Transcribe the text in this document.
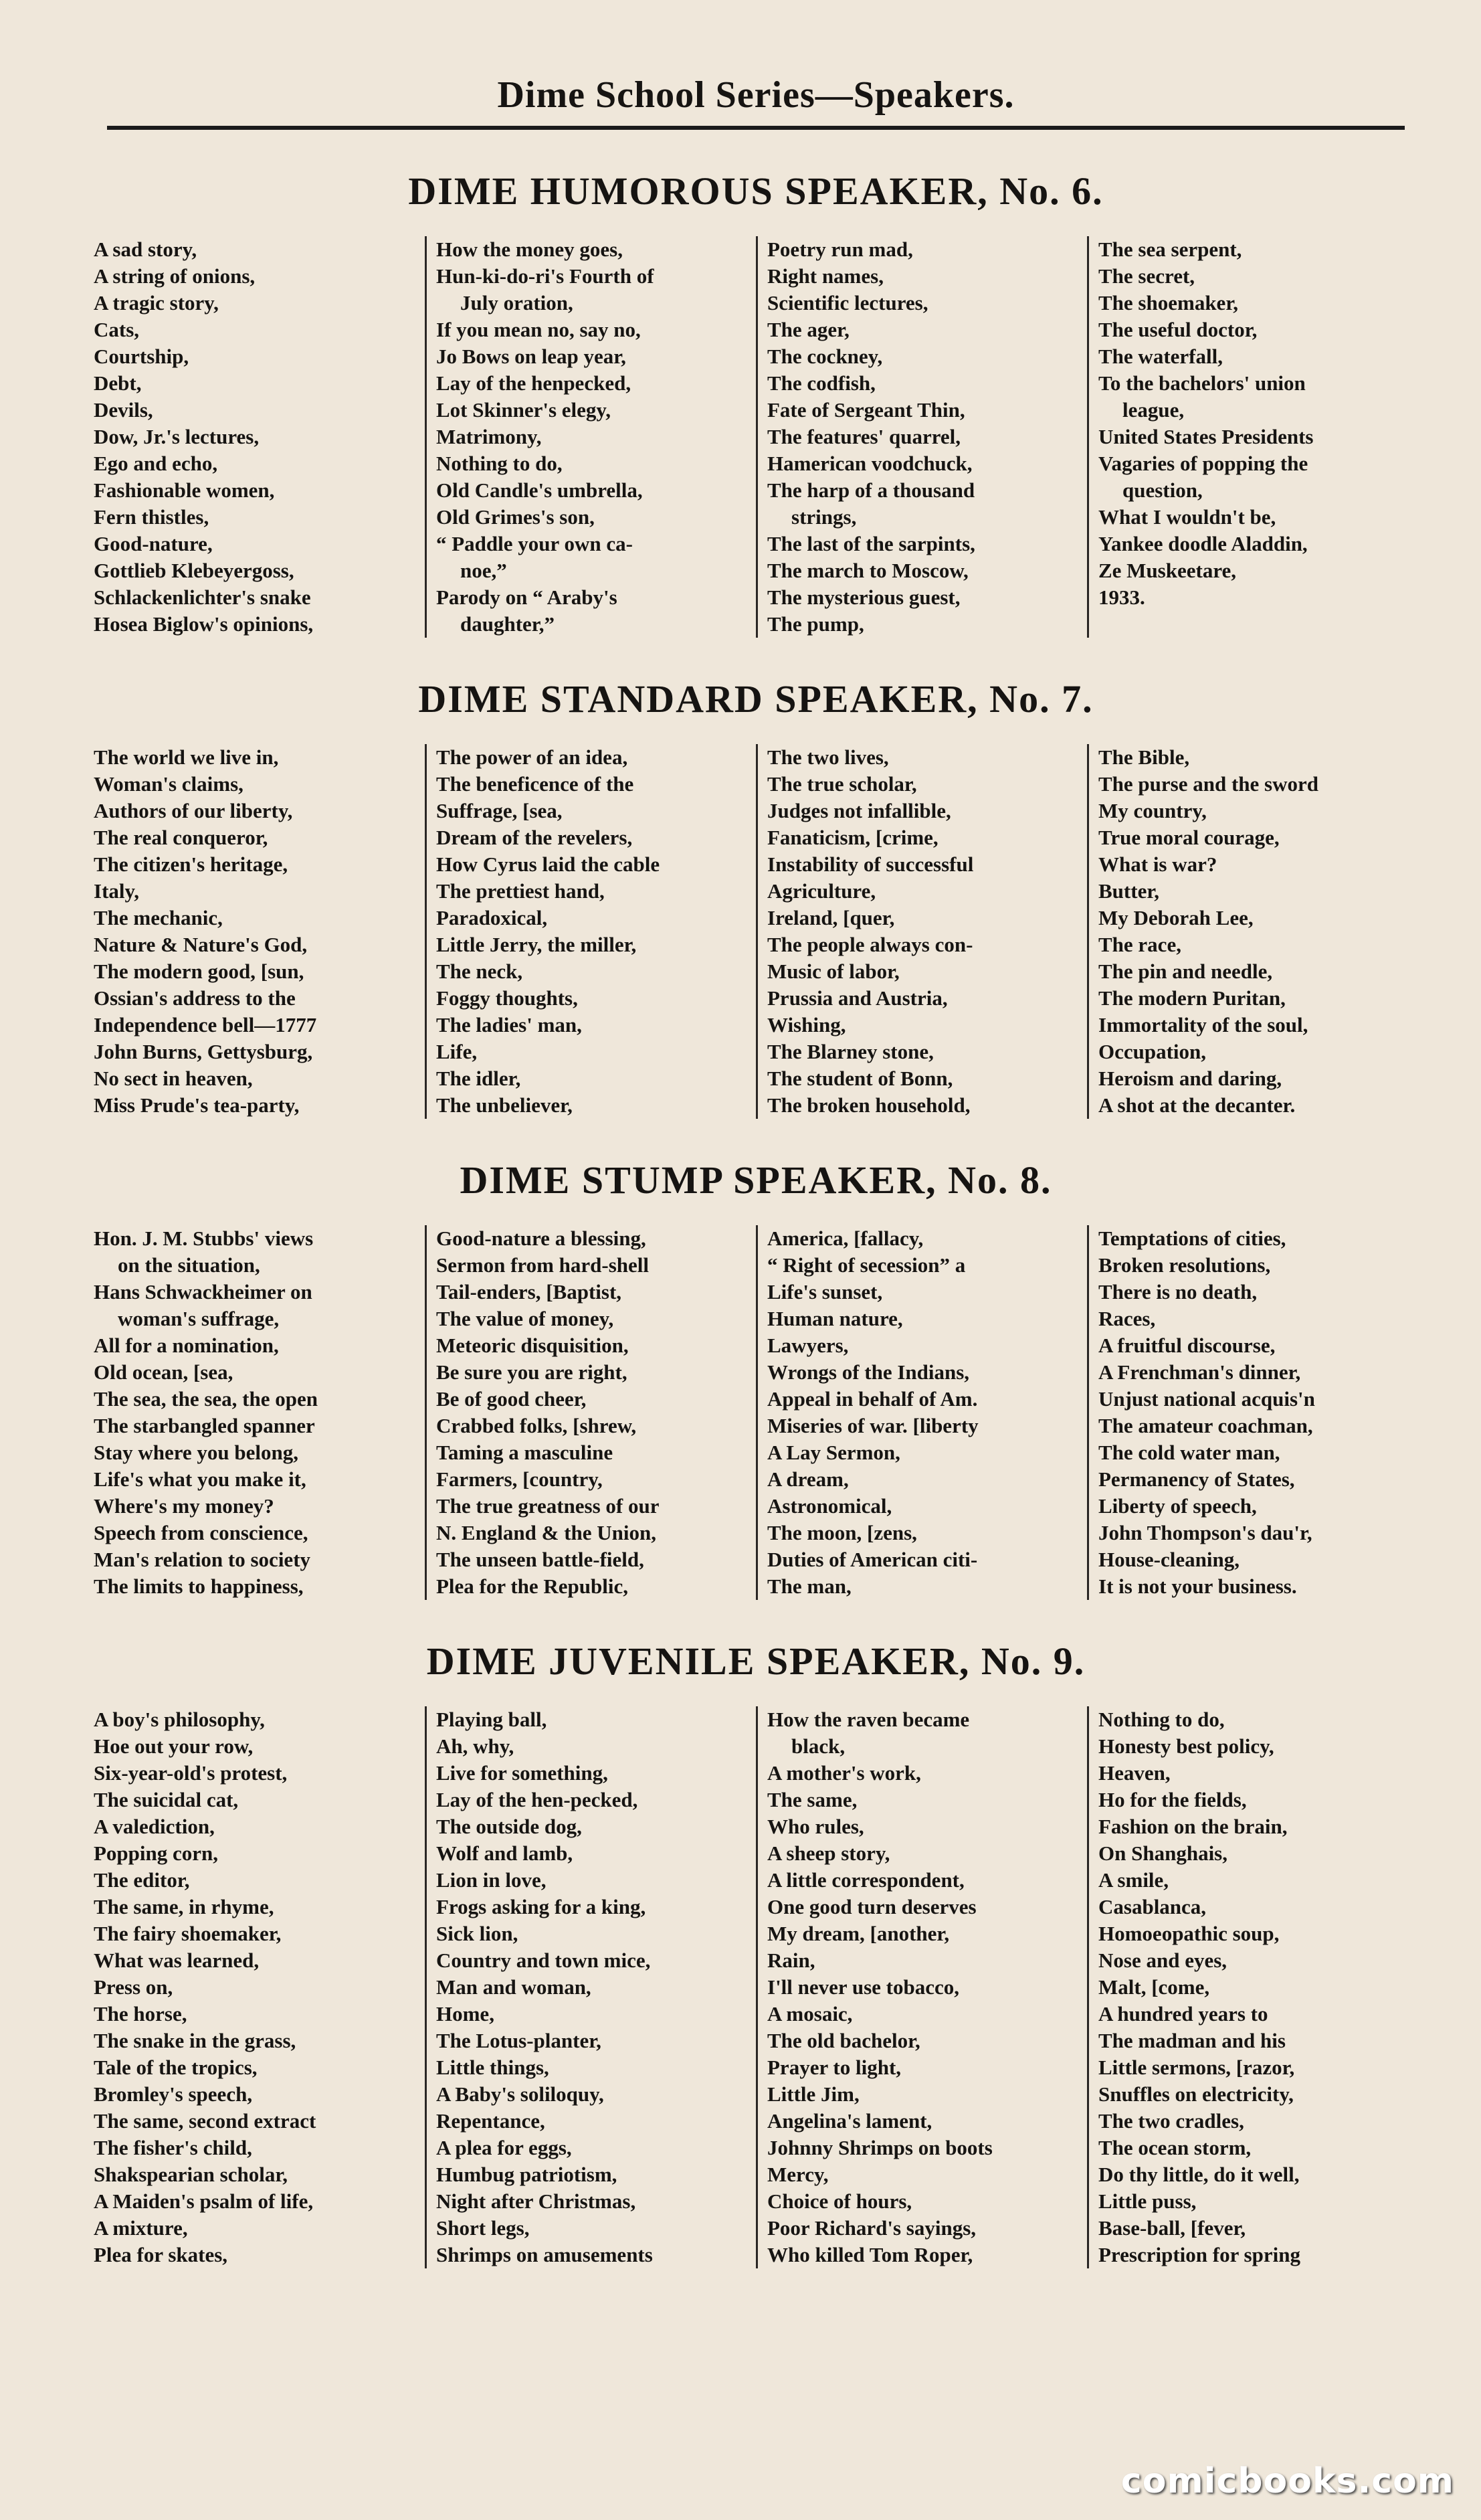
Dime School Series—Speakers.
DIME HUMOROUS SPEAKER, No. 6.
A sad story,
A string of onions,
A tragic story,
Cats,
Courtship,
Debt,
Devils,
Dow, Jr.'s lectures,
Ego and echo,
Fashionable women,
Fern thistles,
Good-nature,
Gottlieb Klebeyergoss,
Schlackenlichter's snake
Hosea Biglow's opinions,
How the money goes,
Hun-ki-do-ri's Fourth of
July oration,
If you mean no, say no,
Jo Bows on leap year,
Lay of the henpecked,
Lot Skinner's elegy,
Matrimony,
Nothing to do,
Old Candle's umbrella,
Old Grimes's son,
“ Paddle your own ca-
noe,”
Parody on “ Araby's
daughter,”
Poetry run mad,
Right names,
Scientific lectures,
The ager,
The cockney,
The codfish,
Fate of Sergeant Thin,
The features' quarrel,
Hamerican voodchuck,
The harp of a thousand
strings,
The last of the sarpints,
The march to Moscow,
The mysterious guest,
The pump,
The sea serpent,
The secret,
The shoemaker,
The useful doctor,
The waterfall,
To the bachelors' union
league,
United States Presidents
Vagaries of popping the
question,
What I wouldn't be,
Yankee doodle Aladdin,
Ze Muskeetare,
1933.
DIME STANDARD SPEAKER, No. 7.
The world we live in,
Woman's claims,
Authors of our liberty,
The real conqueror,
The citizen's heritage,
Italy,
The mechanic,
Nature & Nature's God,
The modern good, [sun,
Ossian's address to the
Independence bell—1777
John Burns, Gettysburg,
No sect in heaven,
Miss Prude's tea-party,
The power of an idea,
The beneficence of the
Suffrage, [sea,
Dream of the revelers,
How Cyrus laid the cable
The prettiest hand,
Paradoxical,
Little Jerry, the miller,
The neck,
Foggy thoughts,
The ladies' man,
Life,
The idler,
The unbeliever,
The two lives,
The true scholar,
Judges not infallible,
Fanaticism, [crime,
Instability of successful
Agriculture,
Ireland, [quer,
The people always con-
Music of labor,
Prussia and Austria,
Wishing,
The Blarney stone,
The student of Bonn,
The broken household,
The Bible,
The purse and the sword
My country,
True moral courage,
What is war?
Butter,
My Deborah Lee,
The race,
The pin and needle,
The modern Puritan,
Immortality of the soul,
Occupation,
Heroism and daring,
A shot at the decanter.
DIME STUMP SPEAKER, No. 8.
Hon. J. M. Stubbs' views
on the situation,
Hans Schwackheimer on
woman's suffrage,
All for a nomination,
Old ocean, [sea,
The sea, the sea, the open
The starbangled spanner
Stay where you belong,
Life's what you make it,
Where's my money?
Speech from conscience,
Man's relation to society
The limits to happiness,
Good-nature a blessing,
Sermon from hard-shell
Tail-enders, [Baptist,
The value of money,
Meteoric disquisition,
Be sure you are right,
Be of good cheer,
Crabbed folks, [shrew,
Taming a masculine
Farmers, [country,
The true greatness of our
N. England & the Union,
The unseen battle-field,
Plea for the Republic,
America, [fallacy,
“ Right of secession” a
Life's sunset,
Human nature,
Lawyers,
Wrongs of the Indians,
Appeal in behalf of Am.
Miseries of war. [liberty
A Lay Sermon,
A dream,
Astronomical,
The moon, [zens,
Duties of American citi-
The man,
Temptations of cities,
Broken resolutions,
There is no death,
Races,
A fruitful discourse,
A Frenchman's dinner,
Unjust national acquis'n
The amateur coachman,
The cold water man,
Permanency of States,
Liberty of speech,
John Thompson's dau'r,
House-cleaning,
It is not your business.
DIME JUVENILE SPEAKER, No. 9.
A boy's philosophy,
Hoe out your row,
Six-year-old's protest,
The suicidal cat,
A valediction,
Popping corn,
The editor,
The same, in rhyme,
The fairy shoemaker,
What was learned,
Press on,
The horse,
The snake in the grass,
Tale of the tropics,
Bromley's speech,
The same, second extract
The fisher's child,
Shakspearian scholar,
A Maiden's psalm of life,
A mixture,
Plea for skates,
Playing ball,
Ah, why,
Live for something,
Lay of the hen-pecked,
The outside dog,
Wolf and lamb,
Lion in love,
Frogs asking for a king,
Sick lion,
Country and town mice,
Man and woman,
Home,
The Lotus-planter,
Little things,
A Baby's soliloquy,
Repentance,
A plea for eggs,
Humbug patriotism,
Night after Christmas,
Short legs,
Shrimps on amusements
How the raven became
black,
A mother's work,
The same,
Who rules,
A sheep story,
A little correspondent,
One good turn deserves
My dream, [another,
Rain,
I'll never use tobacco,
A mosaic,
The old bachelor,
Prayer to light,
Little Jim,
Angelina's lament,
Johnny Shrimps on boots
Mercy,
Choice of hours,
Poor Richard's sayings,
Who killed Tom Roper,
Nothing to do,
Honesty best policy,
Heaven,
Ho for the fields,
Fashion on the brain,
On Shanghais,
A smile,
Casablanca,
Homoeopathic soup,
Nose and eyes,
Malt, [come,
A hundred years to
The madman and his
Little sermons, [razor,
Snuffles on electricity,
The two cradles,
The ocean storm,
Do thy little, do it well,
Little puss,
Base-ball, [fever,
Prescription for spring
comicbooks.com
